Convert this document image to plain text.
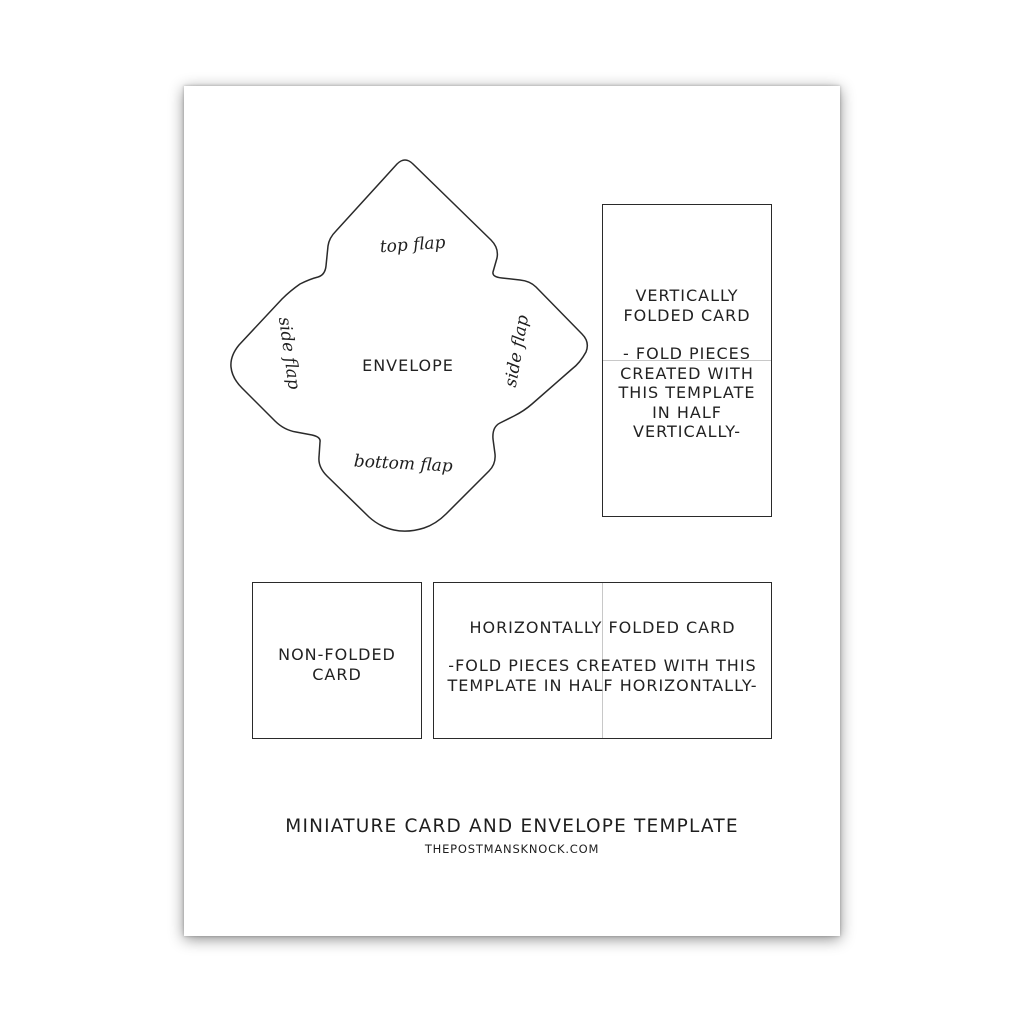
top flap
bottom flap
side flap	side flap
ENVELOPE
VERTICALLY
FOLDED CARD
- FOLD PIECES
CREATED WITH
THIS TEMPLATE
IN HALF
VERTICALLY-
NON-FOLDED
CARD
HORIZONTALLY FOLDED CARD
-FOLD PIECES CREATED WITH THIS
TEMPLATE IN HALF HORIZONTALLY-
MINIATURE CARD AND ENVELOPE TEMPLATE
THEPOSTMANSKNOCK.COM
